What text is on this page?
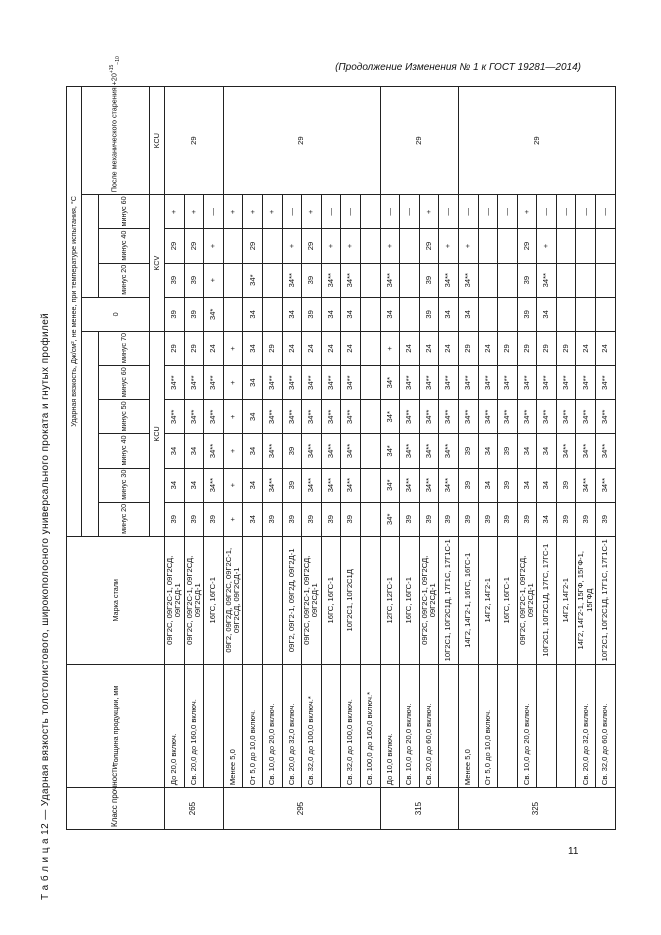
(Продолжение Изменения № 1 к ГОСТ 19281—2014)
Т а б л и ц а 12 — Ударная вязкость толстолистового, широкополосного универсального проката и гнутых профилей	Класс прочности	Толщина продукции, мм	Марка стали	Ударная вязкость, Дж/см², не менее, при температуре испытания, °С										
									0				После механического старения $+20^{+15}_{-10}$
			минус 20	минус 30	минус 40	минус 50	минус 60	минус 70		минус 20	минус 40	минус 60	
			KCU						KCV				KCU
265	До 20,0 включ.	09Г2С, 09Г2С-1, 09Г2СД, 09Г2СД-1	39	34	34	34**	34**	29	39	39	29	+	29
	Св. 20,0 до 160,0 включ.	09Г2С, 09Г2С-1, 09Г2СД, 09Г2СД-1	39	34	34	34**	34**	29	39	39	29	+	
		16ГС, 16ГС-1	39	34**	34**	34**	34**	24	34*	+	+	—	
295	Менее 5,0	09Г2, 09Г2Д, 09Г2С, 09Г2С-1, 09Г2СД, 09Г2СД-1	+	+	+	+	+	+				+	29
	От 5,0 до 10,0 включ.		34	34	34	34	34	34	34	34*	29	+	
	Св. 10,0 до 20,0 включ.		39	34**	34**	34**	34**	29				+	
	Св. 20,0 до 32,0 включ.	09Г2, 09Г2-1, 09Г2Д, 09Г2Д-1	39	39	39	34**	34**	24	34	34**	+	—	
	Св. 32,0 до 100,0 включ.*	09Г2С, 09Г2С-1, 09Г2СД, 09Г2СД-1	39	34**	34**	34**	34**	24	39	39	29	+	
		16ГС, 16ГС-1	39	34**	34**	34**	34**	24	34	34**	+	—	
	Св. 32,0 до 100,0 включ.	10Г2С1, 10Г2С1Д	39	34**	34**	34**	34**	24	34	34**	+	—	
	Св. 100,0 до 160,0 включ.*												
315	До 10,0 включ.	12ГС, 12ГС-1	34*	34*	34*	34*	34*	+	34	34**	+	—	29
	Св. 10,0 до 20,0 включ.	16ГС, 16ГС-1	39	34**	34**	34**	34**	24				—	
	Св. 20,0 до 60,0 включ.	09Г2С, 09Г2С-1, 09Г2СД, 09Г2СД-1	39	34**	34**	34**	34**	24	39	39	29	+	
		10Г2С1, 10Г2С1Д, 17Г1С, 17Г1С-1	39	34**	34**	34**	34**	24	34	34**	+	—	
325	Менее 5,0	14Г2, 14Г2-1, 16ГС, 16ГС-1	39	39	39	34**	34**	29	34	34**	+	—	29
	От 5,0 до 10,0 включ.	14Г2, 14Г2-1	39	34	34	34**	34**	24				—	
		16ГС, 16ГС-1	39	39	39	34**	34**	29				—	
	Св. 10,0 до 20,0 включ.	09Г2С, 09Г2С-1, 09Г2СД, 09Г2СД-1	39	34	34	34**	34**	29	39	39	29	+	
		10Г2С1, 10Г2С1Д, 17ГС, 17ГС-1	34	34	34	34**	34**	29	34	34**	+	—	
		14Г2, 14Г2-1	39	39	34**	34**	34**	29				—	
	Св. 20,0 до 32,0 включ.	14Г2, 14Г2-1, 15ГФ, 15ГФ-1, 15ГФД	39	34**	34**	34**	34**	24				—	
	Св. 32,0 до 60,0 включ.	10Г2С1, 10Г2С1Д, 17Г1С, 17Г1С-1	39	34**	34**	34**	34**	24				—	
11
